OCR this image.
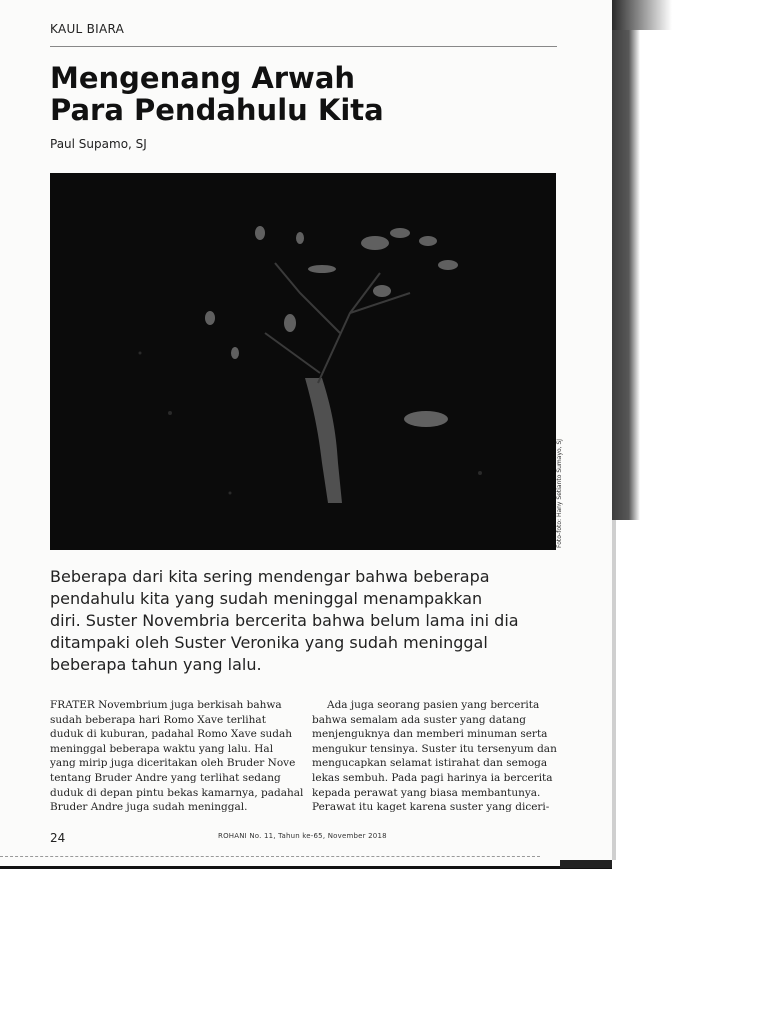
KAUL BIARA
Mengenang Arwah
Para Pendahulu Kita
Paul Supamo, SJ
Foto-foto: Hany Setianto Sumayo, SJ
Beberapa dari kita sering mendengar bahwa beberapa
pendahulu kita yang sudah meninggal menampakkan
diri. Suster Novembria bercerita bahwa belum lama ini dia
ditampaki oleh Suster Veronika yang sudah meninggal
beberapa tahun yang lalu.
FRATER Novembrium juga berkisah bahwa
sudah beberapa hari Romo Xave terlihat
duduk di kuburan, padahal Romo Xave sudah
meninggal beberapa waktu yang lalu. Hal
yang mirip juga diceritakan oleh Bruder Nove
tentang Bruder Andre yang terlihat sedang
duduk di depan pintu bekas kamarnya, padahal
Bruder Andre juga sudah meninggal.
Ada juga seorang pasien yang bercerita
bahwa semalam ada suster yang datang
menjenguknya dan memberi minuman serta
mengukur tensinya. Suster itu tersenyum dan
mengucapkan selamat istirahat dan semoga
lekas sembuh. Pada pagi harinya ia bercerita
kepada perawat yang biasa membantunya.
Perawat itu kaget karena suster yang diceri-
24	ROHANI No. 11, Tahun ke-65, November 2018
